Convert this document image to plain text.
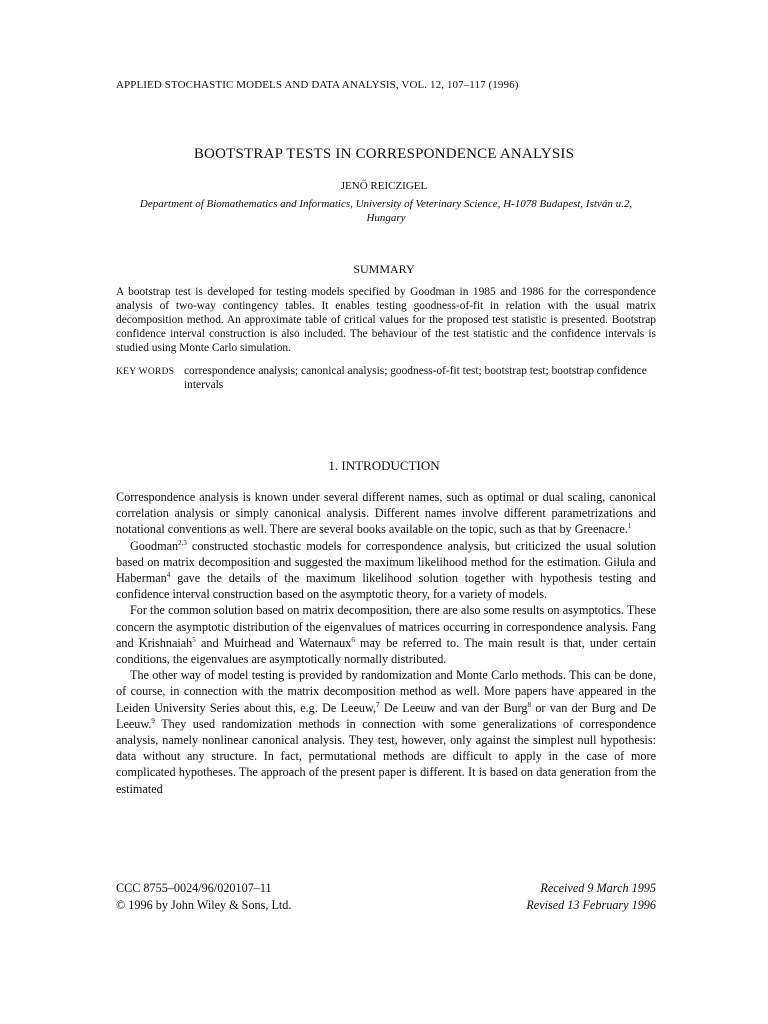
APPLIED STOCHASTIC MODELS AND DATA ANALYSIS, VOL. 12, 107–117 (1996)
BOOTSTRAP TESTS IN CORRESPONDENCE ANALYSIS
JENŐ REICZIGEL
Department of Biomathematics and Informatics, University of Veterinary Science, H-1078 Budapest, István u.2,
Hungary
SUMMARY
A bootstrap test is developed for testing models specified by Goodman in 1985 and 1986 for the correspondence analysis of two-way contingency tables. It enables testing goodness-of-fit in relation with the usual matrix decomposition method. An approximate table of critical values for the proposed test statistic is presented. Bootstrap confidence interval construction is also included. The behaviour of the test statistic and the confidence intervals is studied using Monte Carlo simulation.
KEY WORDS correspondence analysis; canonical analysis; goodness-of-fit test; bootstrap test; bootstrap confidence intervals
1. INTRODUCTION

Correspondence analysis is known under several different names, such as optimal or dual scaling, canonical correlation analysis or simply canonical analysis. Different names involve different parametrizations and notational conventions as well. There are several books available on the topic, such as that by Greenacre.$^1$

Goodman$^{2,3}$ constructed stochastic models for correspondence analysis, but criticized the usual solution based on matrix decomposition and suggested the maximum likelihood method for the estimation. Gilula and Haberman$^4$ gave the details of the maximum likelihood solution together with hypothesis testing and confidence interval construction based on the asymptotic theory, for a variety of models.

For the common solution based on matrix decomposition, there are also some results on asymptotics. These concern the asymptotic distribution of the eigenvalues of matrices occurring in correspondence analysis. Fang and Krishnaiah$^5$ and Muirhead and Waternaux$^6$ may be referred to. The main result is that, under certain conditions, the eigenvalues are asymptotically normally distributed.

The other way of model testing is provided by randomization and Monte Carlo methods. This can be done, of course, in connection with the matrix decomposition method as well. More papers have appeared in the Leiden University Series about this, e.g. De Leeuw,$^7$ De Leeuw and van der Burg$^8$ or van der Burg and De Leeuw.$^9$ They used randomization methods in connection with some generalizations of correspondence analysis, namely nonlinear canonical analysis. They test, however, only against the simplest null hypothesis: data without any structure. In fact, permutational methods are difficult to apply in the case of more complicated hypotheses. The approach of the present paper is different. It is based on data generation from the estimated

CCC 8755–0024/96/020107–11
© 1996 by John Wiley & Sons, Ltd.
Received 9 March 1995
Revised 13 February 1996
